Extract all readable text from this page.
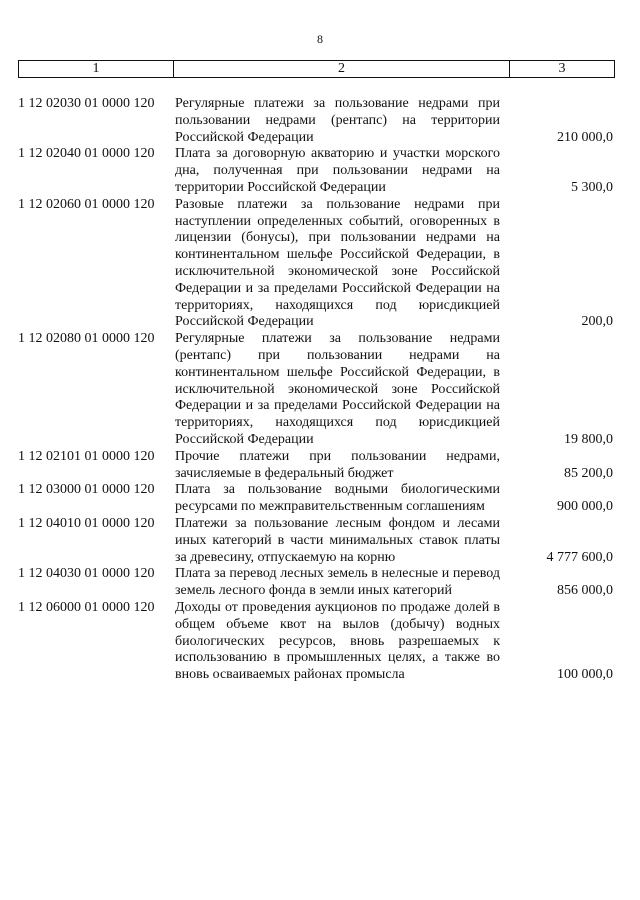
8
1	2	3
1 12 02030 01 0000 120	Регулярные платежи за пользование недрами при пользовании недрами (рентапс) на территории Российской Федерации	210 000,0
1 12 02040 01 0000 120	Плата за договорную акваторию и участки морского дна, полученная при пользовании недрами на территории Российской Федерации	5 300,0
1 12 02060 01 0000 120	Разовые платежи за пользование недрами при наступлении определенных событий, оговоренных в лицензии (бонусы), при пользовании недрами на континентальном шельфе Российской Федерации, в исключительной экономической зоне Российской Федерации и за пределами Российской Федерации на территориях, находящихся под юрисдикцией Российской Федерации	200,0
1 12 02080 01 0000 120	Регулярные платежи за пользование недрами (рентапс) при пользовании недрами на континентальном шельфе Российской Федерации, в исключительной экономической зоне Российской Федерации и за пределами Российской Федерации на территориях, находящихся под юрисдикцией Российской Федерации	19 800,0
1 12 02101 01 0000 120	Прочие платежи при пользовании недрами, зачисляемые в федеральный бюджет	85 200,0
1 12 03000 01 0000 120	Плата за пользование водными биологическими ресурсами по межправительственным соглашениям	900 000,0
1 12 04010 01 0000 120	Платежи за пользование лесным фондом и лесами иных категорий в части минимальных ставок платы за древесину, отпускаемую на корню	4 777 600,0
1 12 04030 01 0000 120	Плата за перевод лесных земель в нелесные и перевод земель лесного фонда в земли иных категорий	856 000,0
1 12 06000 01 0000 120	Доходы от проведения аукционов по продаже долей в общем объеме квот на вылов (добычу) водных биологических ресурсов, вновь разрешаемых к использованию в промышленных целях, а также во вновь осваиваемых районах промысла	100 000,0
